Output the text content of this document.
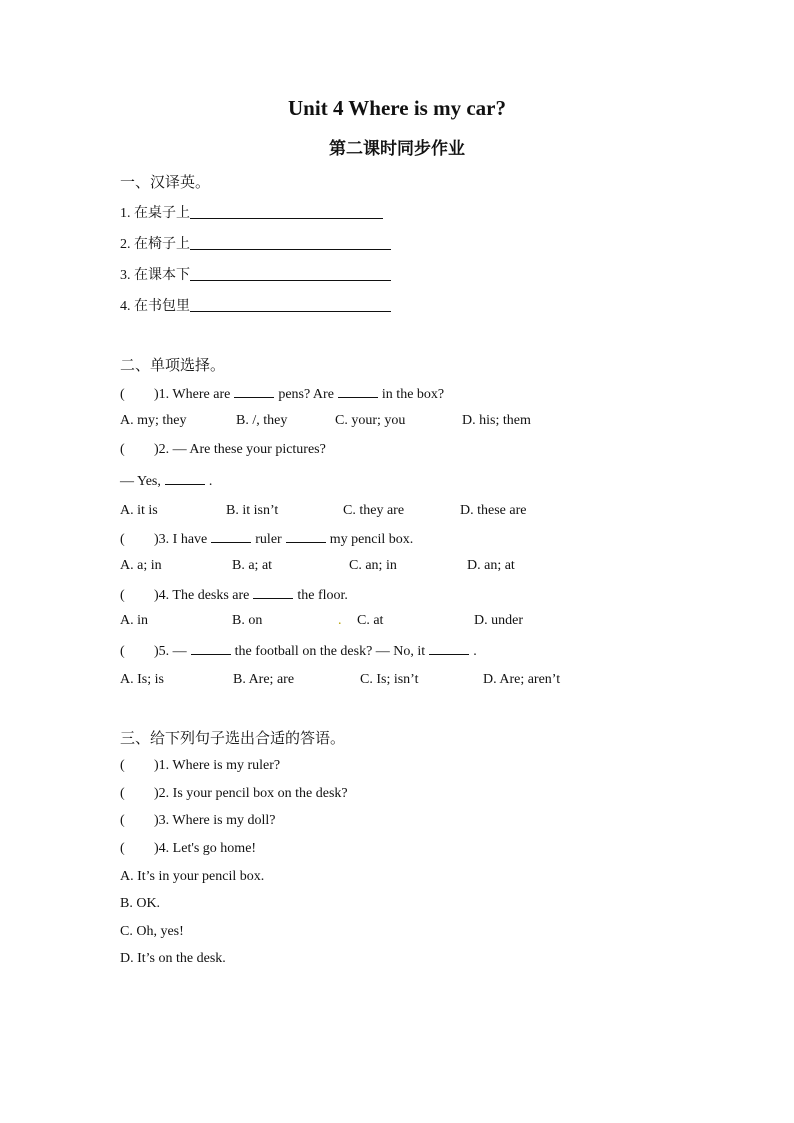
Unit 4 Where is my car?
第二课时同步作业
一、汉译英。
1. 在桌子上
2. 在椅子上
3. 在课本下
4. 在书包里
二、单项选择。
( )1. Where are	pens? Are	in the box?
A. my; they	B. /, they	C. your; you	D. his; them
( )2. — Are these your pictures?
— Yes,	.
A. it is	B. it isn’t	C. they are	D. these are
( )3. I have	ruler	my pencil box.
A. a; in	B. a; at	C. an; in	D. an; at
( )4. The desks are	the floor.
A. in	B. on	. C. at	D. under
( )5. —	the football on the desk? — No, it	.
A. Is; is	B. Are; are	C. Is; isn’t	D. Are; aren’t
三、给下列句子选出合适的答语。
( )1. Where is my ruler?
( )2. Is your pencil box on the desk?
( )3. Where is my doll?
( )4. Let's go home!
A. It’s in your pencil box.
B. OK.
C. Oh, yes!
D. It’s on the desk.
